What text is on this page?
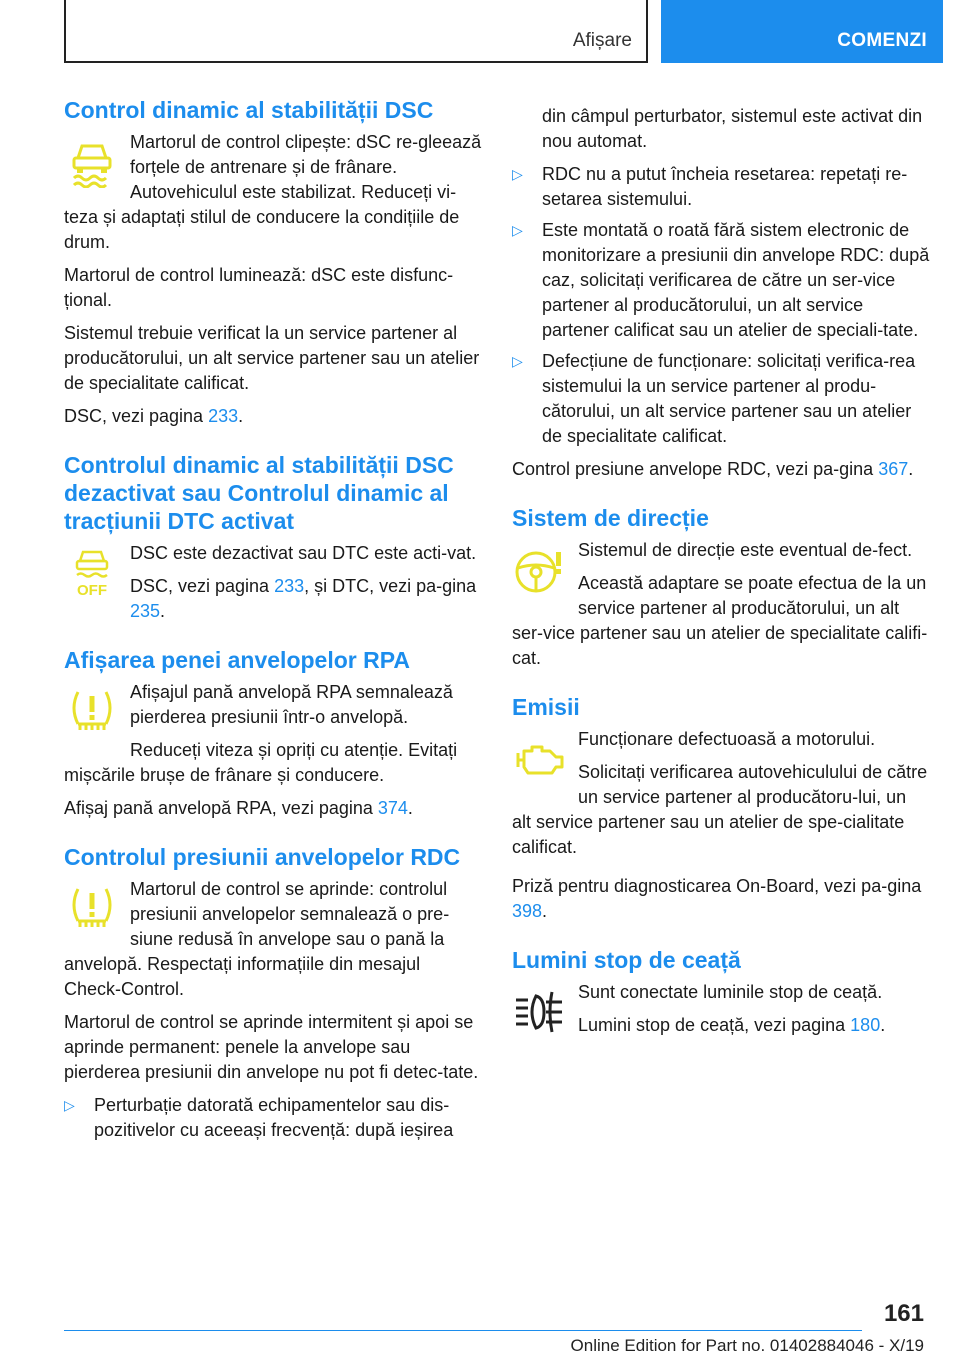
Afișare	COMENZI
Control dinamic al stabilității DSC

Martorul de control clipește: dSC re-gleează forțele de antrenare și de frânare. Autovehiculul este stabilizat. Reduceți vi-teza și adaptați stilul de conducere la condițiile de drum.

Martorul de control luminează: dSC este disfunc-țional.

Sistemul trebuie verificat la un service partener al producătorului, un alt service partener sau un atelier de specialitate calificat.

DSC, vezi pagina 233.

Controlul dinamic al stabilității DSC dezactivat sau Controlul dinamic al tracțiunii DTC activat
OFF

DSC este dezactivat sau DTC este acti-vat.

DSC, vezi pagina 233, și DTC, vezi pa-gina 235.

Afișarea penei anvelopelor RPA

Afișajul pană anvelopă RPA semnalează pierderea presiunii într-o anvelopă.

Reduceți viteza și opriți cu atenție. Evitați mișcările brușe de frânare și conducere.

Afișaj pană anvelopă RPA, vezi pagina 374.

Controlul presiunii anvelopelor RDC

Martorul de control se aprinde: controlul presiunii anvelopelor semnalează o pre-siune redusă în anvelope sau o pană la anvelopă. Respectați informațiile din mesajul Check-Control.

Martorul de control se aprinde intermitent și apoi se aprinde permanent: penele la anvelope sau pierderea presiunii din anvelope nu pot fi detec-tate.

▷ Perturbație datorată echipamentelor sau dis-pozitivelor cu aceeași frecvență: după ieșirea

din câmpul perturbator, sistemul este activat din nou automat.

▷ RDC nu a putut încheia resetarea: repetați re-setarea sistemului.
▷ Este montată o roată fără sistem electronic de monitorizare a presiunii din anvelope RDC: după caz, solicitați verificarea de către un ser-vice partener al producătorului, un alt service partener calificat sau un atelier de speciali-tate.
▷ Defecțiune de funcționare: solicitați verifica-rea sistemului la un service partener al produ-cătorului, un alt service partener sau un atelier de specialitate calificat.

Control presiune anvelope RDC, vezi pa-gina 367.

Sistem de direcție

Sistemul de direcție este eventual de-fect.

Această adaptare se poate efectua de la un service partener al producătorului, un alt ser-vice partener sau un atelier de specialitate califi-cat.

Emisii

Funcționare defectuoasă a motorului.

Solicitați verificarea autovehiculului de către un service partener al producătoru-lui, un alt service partener sau un atelier de spe-cialitate calificat.

Priză pentru diagnosticarea On-Board, vezi pa-gina 398.

Lumini stop de ceață

Sunt conectate luminile stop de ceață.

Lumini stop de ceață, vezi pagina 180.

161
Online Edition for Part no. 01402884046 - X/19
